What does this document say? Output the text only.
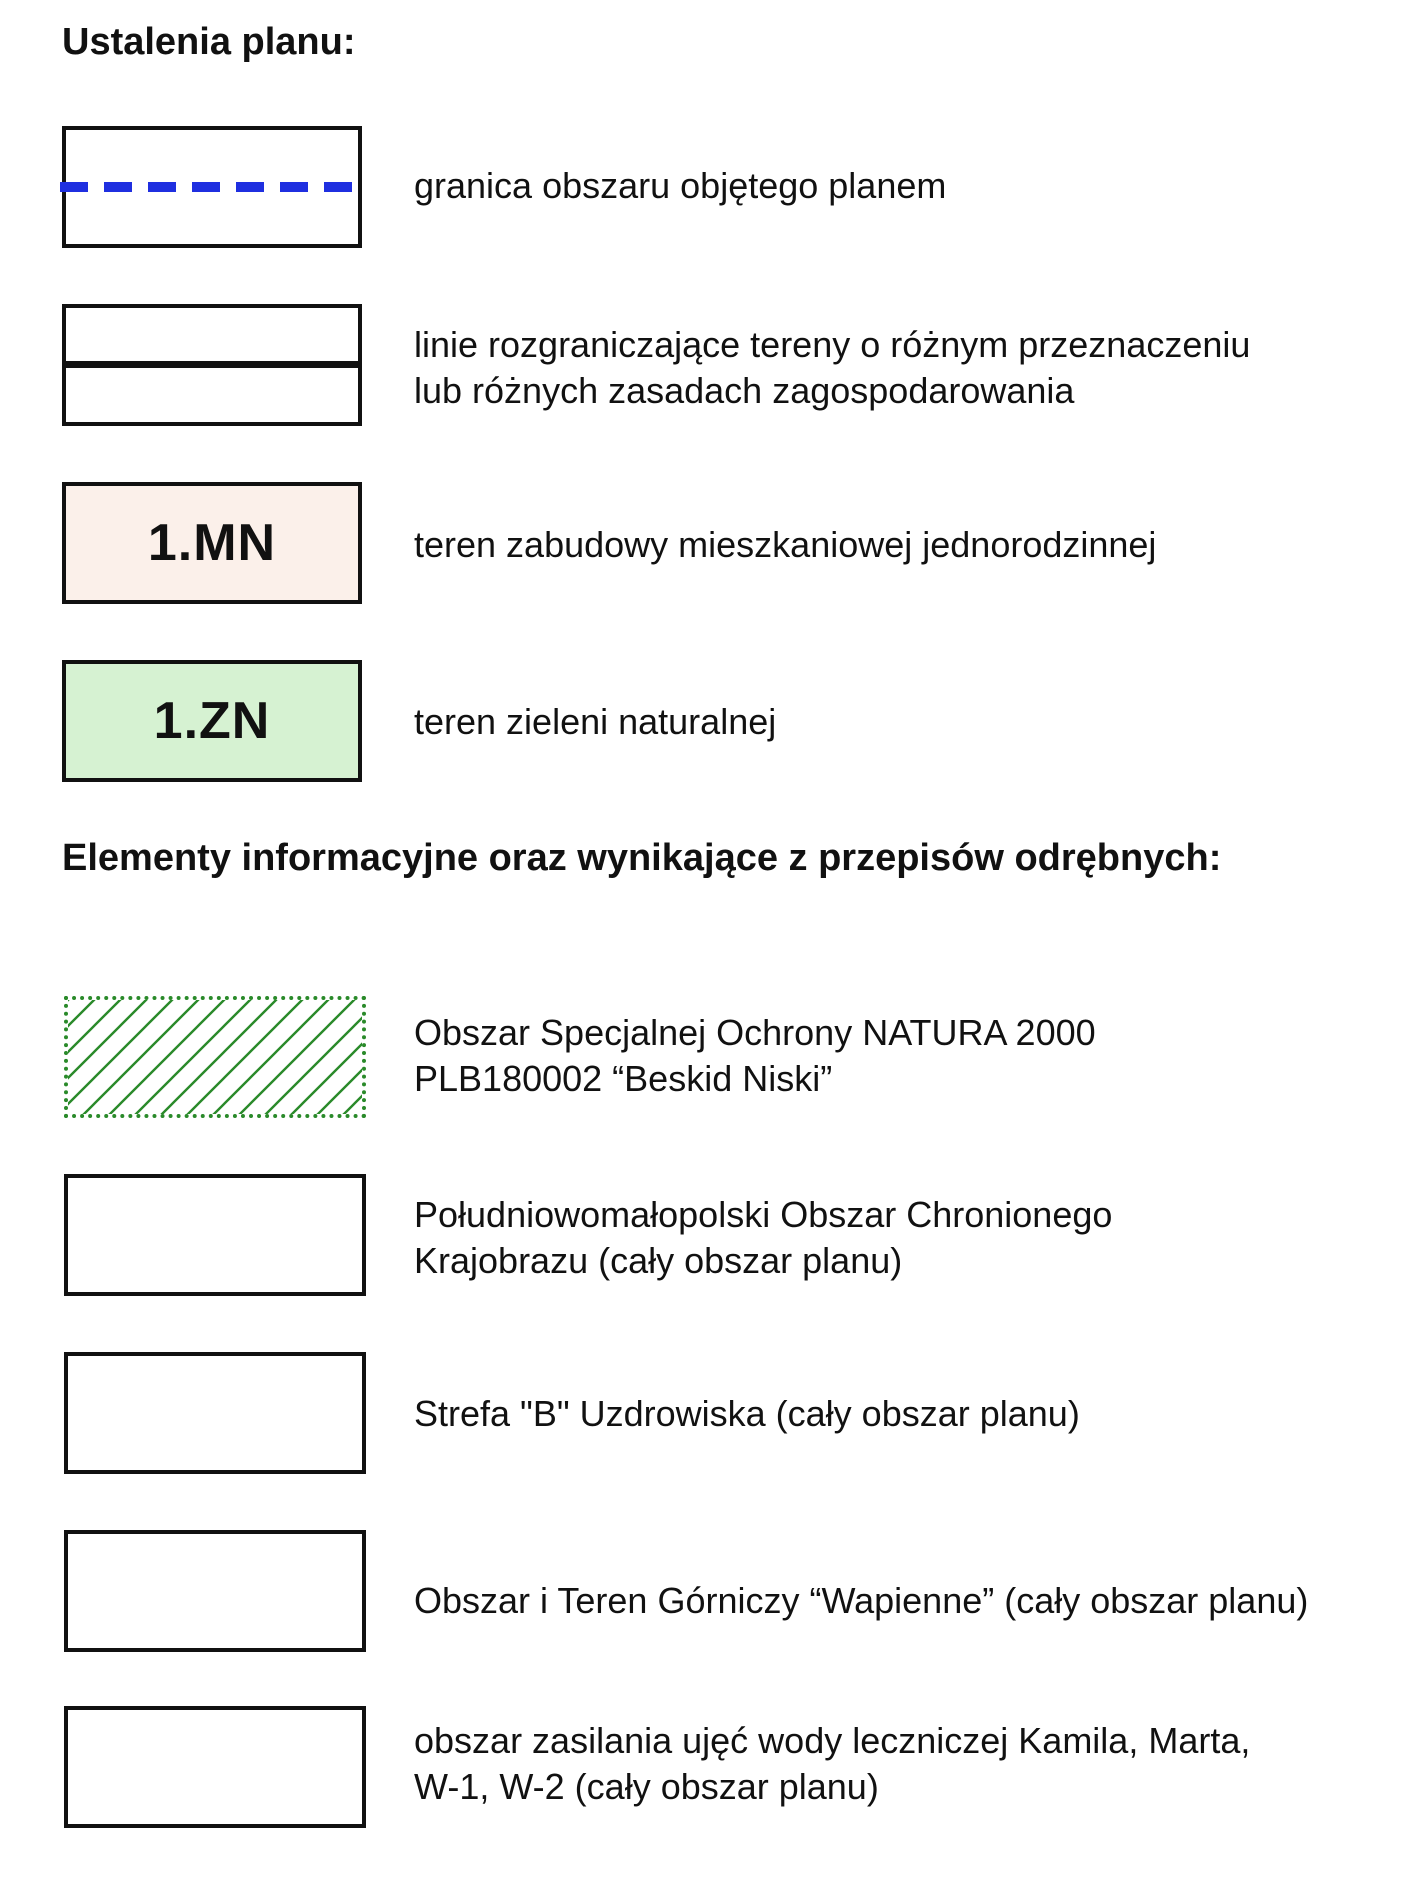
Ustalenia planu:
granica obszaru objętego planem
linie rozgraniczające tereny o różnym przeznaczeniu
lub różnych zasadach zagospodarowania
1.MN	teren zabudowy mieszkaniowej jednorodzinnej
1.ZN	teren zieleni naturalnej
Elementy informacyjne oraz wynikające z przepisów odrębnych:
Obszar Specjalnej Ochrony NATURA 2000
PLB180002 “Beskid Niski”
Południowomałopolski Obszar Chronionego
Krajobrazu (cały obszar planu)
Strefa "B" Uzdrowiska (cały obszar planu)
Obszar i Teren Górniczy “Wapienne” (cały obszar planu)
obszar zasilania ujęć wody leczniczej Kamila, Marta,
W-1, W-2 (cały obszar planu)
